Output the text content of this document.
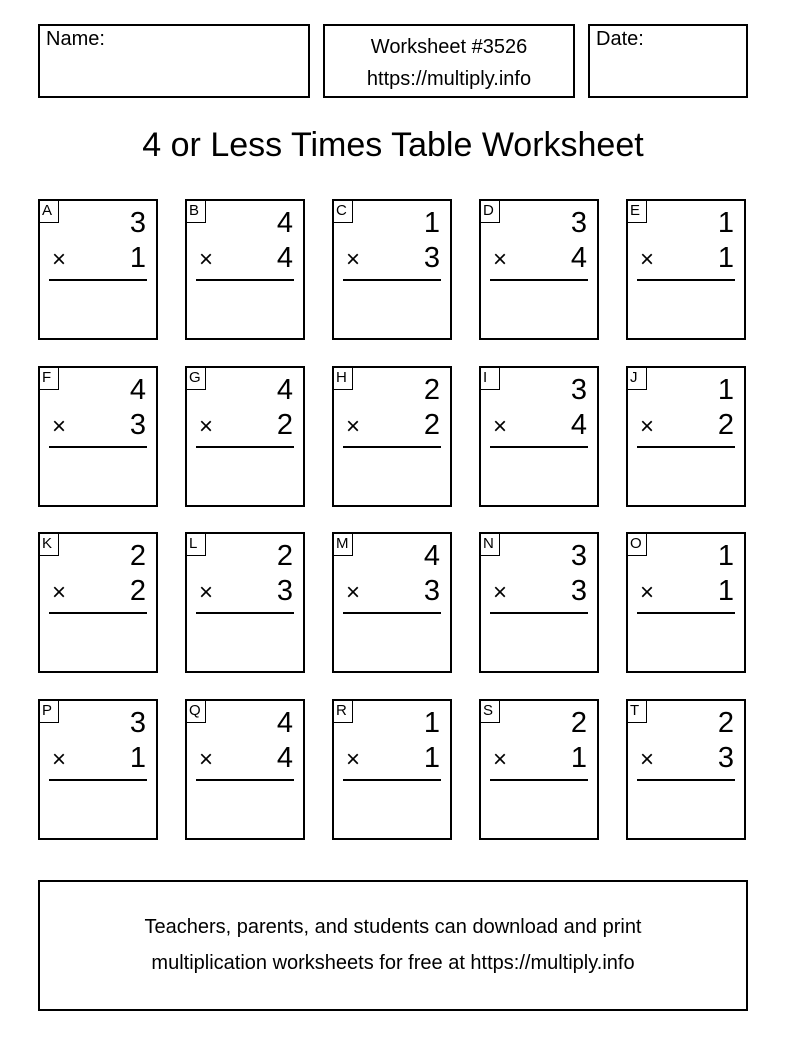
Name:	Worksheet #3526
https://multiply.info
Date:
4 or Less Times Table Worksheet
A	3
× 1
B	4
× 4
C	1
× 3
D	3
× 4
E	1
× 1
F	4
× 3
G	4
× 2
H	2
× 2
I	3
× 4
J	1
× 2
K	2
× 2
L	2
× 3
M	4
× 3
N	3
× 3
O	1
× 1
P	3
× 1
Q	4
× 4
R	1
× 1
S	2
× 1
T	2
× 3
Teachers, parents, and students can download and print
multiplication worksheets for free at https://multiply.info
